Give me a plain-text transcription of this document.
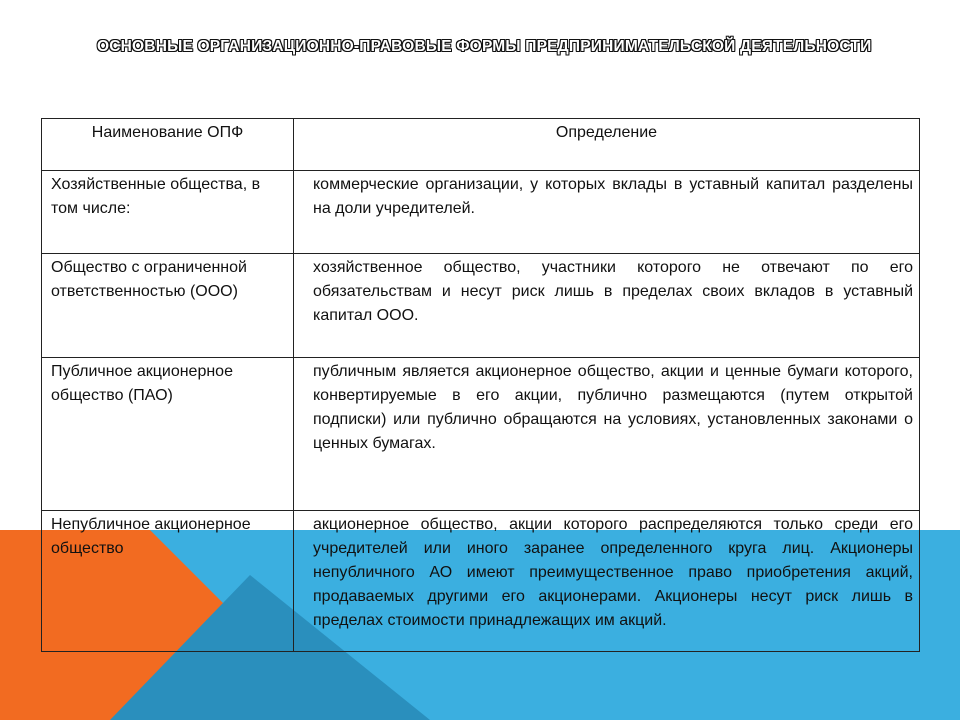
ОСНОВНЫЕ ОРГАНИЗАЦИОННО-ПРАВОВЫЕ ФОРМЫ ПРЕДПРИНИМАТЕЛЬСКОЙ ДЕЯТЕЛЬНОСТИ
Наименование ОПФ	Определение
Хозяйственные общества, в том числе:	коммерческие организации, у которых вклады в уставный капитал разделены на доли учредителей.
Общество с ограниченной ответственностью (ООО)	хозяйственное общество, участники которого не отвечают по его обязательствам и несут риск лишь в пределах своих вкладов в уставный капитал ООО.
Публичное акционерное общество (ПАО)	публичным является акционерное общество, акции и ценные бумаги которого, конвертируемые в его акции, публично размещаются (путем открытой подписки) или публично обращаются на условиях, установленных законами о ценных бумагах.
Непубличное акционерное общество	акционерное общество, акции которого распределяются только среди его учредителей или иного заранее определенного круга лиц. Акционеры непубличного АО имеют преимущественное право приобретения акций, продаваемых другими его акционерами. Акционеры несут риск лишь в пределах стоимости принадлежащих им акций.
